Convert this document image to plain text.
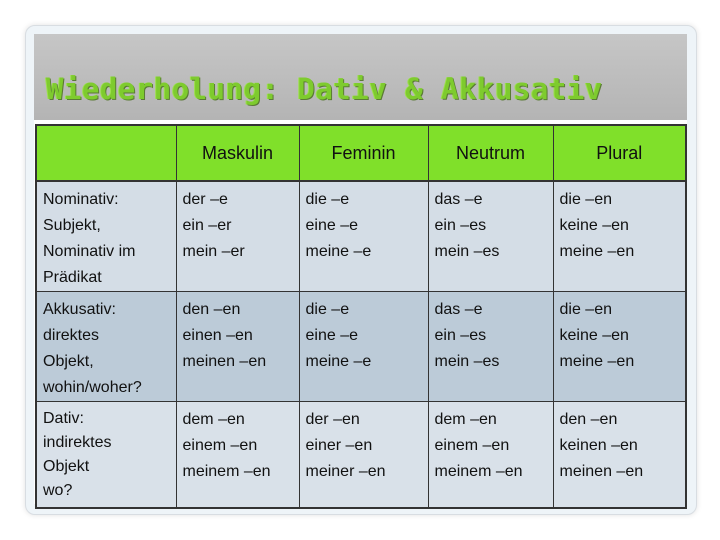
Wiederholung: Dativ & Akkusativ
	Maskulin	Feminin	Neutrum	Plural

Nominativ:
Subjekt,
Nominativ im
Prädikat	der –e
ein –er
mein –er	die –e
eine –e
meine –e	das –e
ein –es
mein –es	die –en
keine –en
meine –en

Akkusativ:
direktes
Objekt,
wohin/woher?	den –en
einen –en
meinen –en	die –e
eine –e
meine –e	das –e
ein –es
mein –es	die –en
keine –en
meine –en

Dativ:
indirektes
Objekt
wo?	dem –en
einem –en
meinem –en	der –en
einer –en
meiner –en	dem –en
einem –en
meinem –en	den –en
keinen –en
meinen –en
